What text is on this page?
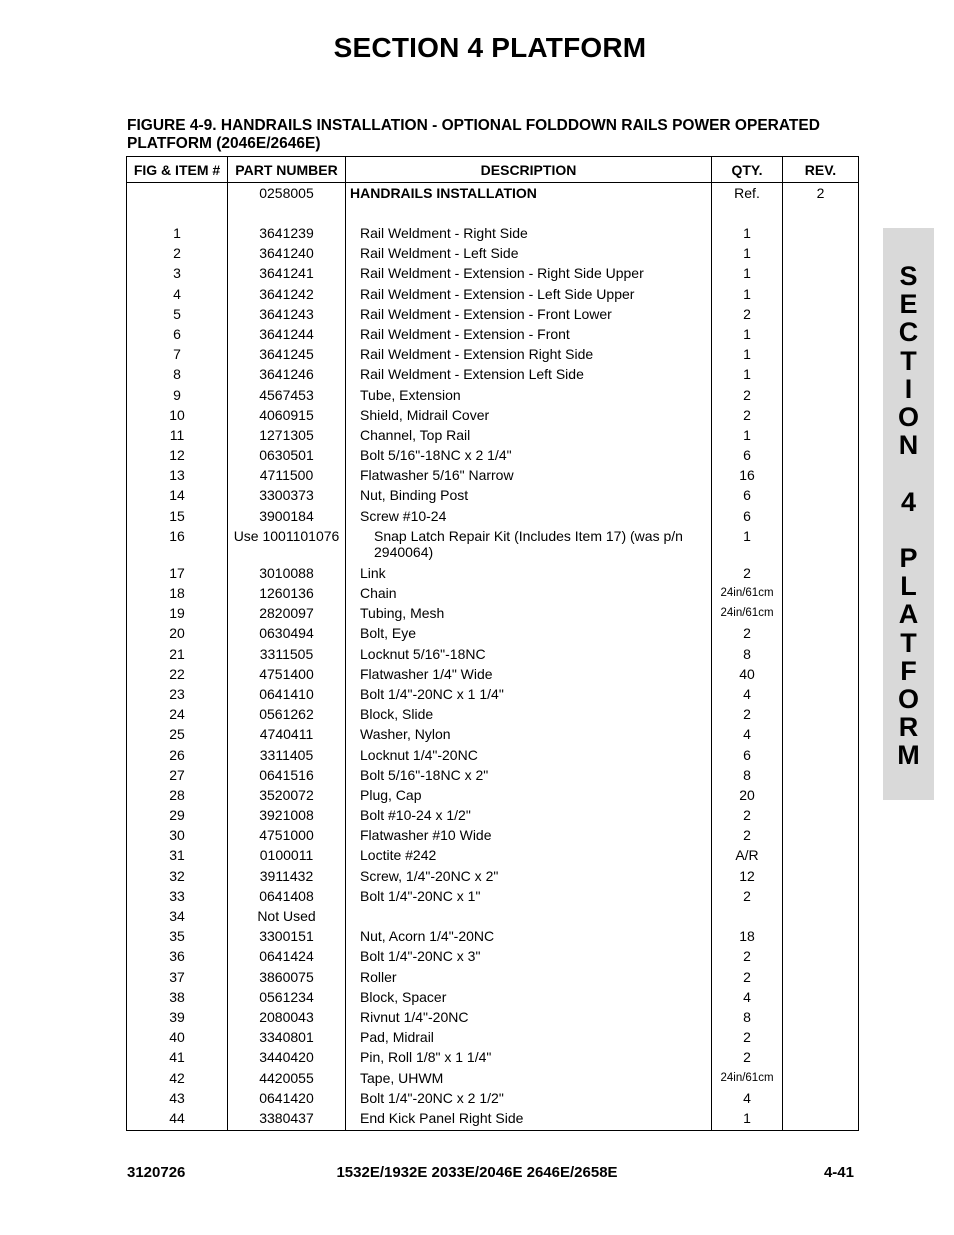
SECTION 4 PLATFORM
FIGURE 4-9. HANDRAILS INSTALLATION - OPTIONAL FOLDDOWN RAILS POWER OPERATED PLATFORM (2046E/2646E)
FIG & ITEM #	PART NUMBER	DESCRIPTION	QTY.	REV.
	0258005	HANDRAILS INSTALLATION	Ref.	2
1	3641239	Rail Weldment - Right Side	1	
2	3641240	Rail Weldment - Left Side	1	
3	3641241	Rail Weldment - Extension - Right Side Upper	1	
4	3641242	Rail Weldment - Extension - Left Side Upper	1	
5	3641243	Rail Weldment - Extension - Front Lower	2	
6	3641244	Rail Weldment - Extension - Front	1	
7	3641245	Rail Weldment - Extension Right Side	1	
8	3641246	Rail Weldment - Extension Left Side	1	
9	4567453	Tube, Extension	2	
10	4060915	Shield, Midrail Cover	2	
11	1271305	Channel, Top Rail	1	
12	0630501	Bolt 5/16"-18NC x 2 1/4"	6	
13	4711500	Flatwasher 5/16" Narrow	16	
14	3300373	Nut, Binding Post	6	
15	3900184	Screw #10-24	6	
16	Use 1001101076	Snap Latch Repair Kit (Includes Item 17) (was p/n 2940064)	1	
17	3010088	Link	2	
18	1260136	Chain	24in/61cm	
19	2820097	Tubing, Mesh	24in/61cm	
20	0630494	Bolt, Eye	2	
21	3311505	Locknut 5/16"-18NC	8	
22	4751400	Flatwasher 1/4" Wide	40	
23	0641410	Bolt 1/4"-20NC x 1 1/4"	4	
24	0561262	Block, Slide	2	
25	4740411	Washer, Nylon	4	
26	3311405	Locknut 1/4"-20NC	6	
27	0641516	Bolt 5/16"-18NC x 2"	8	
28	3520072	Plug, Cap	20	
29	3921008	Bolt #10-24 x 1/2"	2	
30	4751000	Flatwasher #10 Wide	2	
31	0100011	Loctite #242	A/R	
32	3911432	Screw, 1/4"-20NC x 2"	12	
33	0641408	Bolt 1/4"-20NC x 1"	2	
34	Not Used			
35	3300151	Nut, Acorn 1/4"-20NC	18	
36	0641424	Bolt 1/4"-20NC x 3"	2	
37	3860075	Roller	2	
38	0561234	Block, Spacer	4	
39	2080043	Rivnut 1/4"-20NC	8	
40	3340801	Pad, Midrail	2	
41	3440420	Pin, Roll 1/8" x 1 1/4"	2	
42	4420055	Tape, UHWM	24in/61cm	
43	0641420	Bolt 1/4"-20NC x 2 1/2"	4	
44	3380437	End Kick Panel Right Side	1	
S
E
C
T
I
O
N

4

P
L
A
T
F
O
R
M
3120726	1532E/1932E 2033E/2046E 2646E/2658E	4-41
